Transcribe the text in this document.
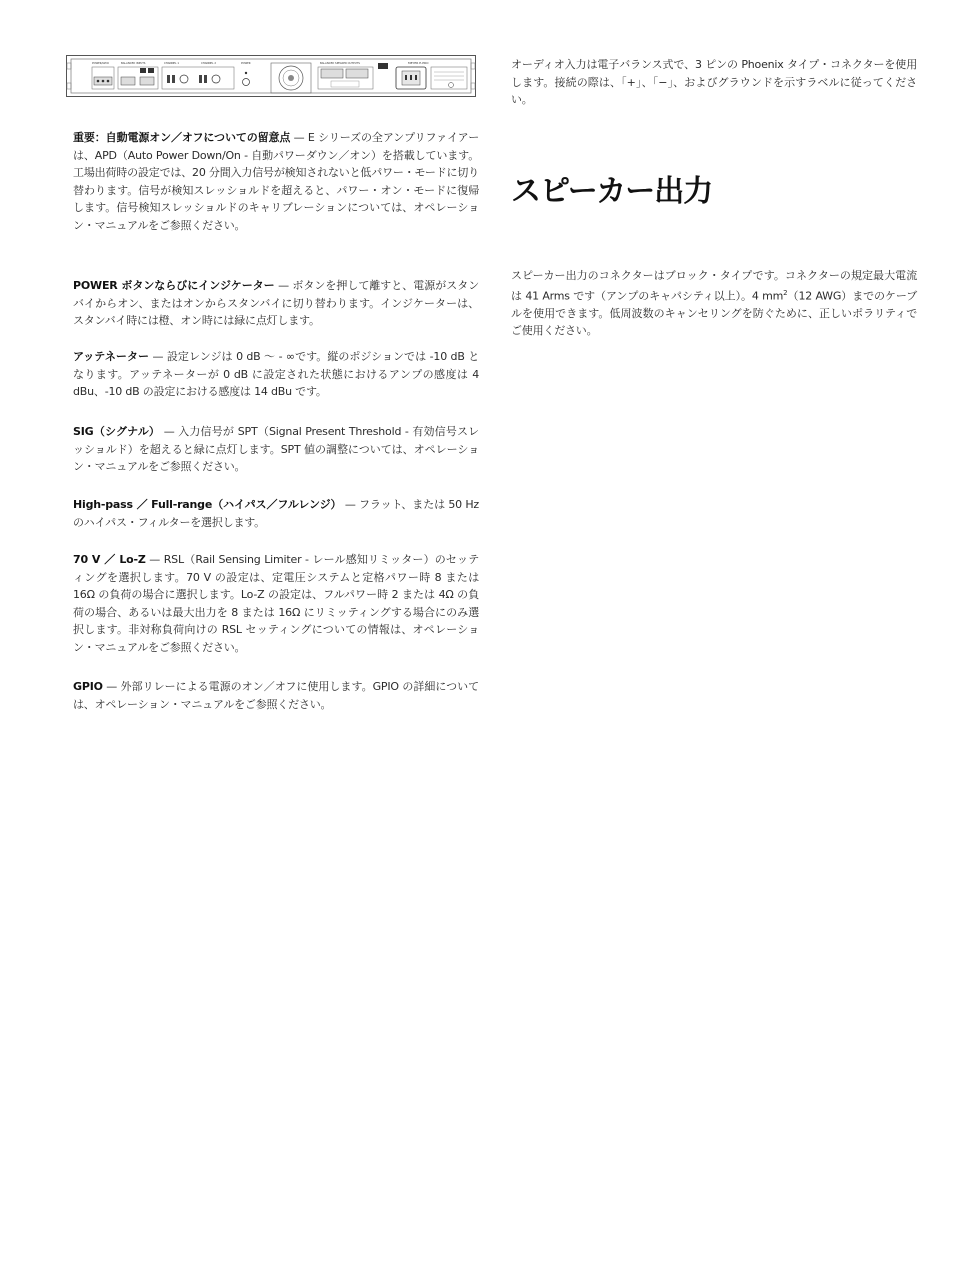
POWER/GPIO	BALANCED INPUTS	CHANNEL 1	CHANNEL 2	POWER	BALANCED SPEAKER OUTPUTS	MEYER E-PRO

重要：自動電源オン／オフについての留意点 — E シリーズの全アンプリファイアーは、APD（Auto Power Down/On - 自動パワーダウン／オン）を搭載しています。工場出荷時の設定では、20 分間入力信号が検知されないと低パワー・モードに切り替わります。信号が検知スレッショルドを超えると、パワー・オン・モードに復帰します。信号検知スレッショルドのキャリブレーションについては、オペレーション・マニュアルをご参照ください。

POWER ボタンならびにインジケーター — ボタンを押して離すと、電源がスタンバイからオン、またはオンからスタンバイに切り替わります。インジケーターは、スタンバイ時には橙、オン時には緑に点灯します。

アッテネーター — 設定レンジは 0 dB ～ - ∞です。縦のポジションでは -10 dB となります。アッテネーターが 0 dB に設定された状態におけるアンプの感度は 4 dBu、-10 dB の設定における感度は 14 dBu です。

SIG（シグナル） — 入力信号が SPT（Signal Present Threshold - 有効信号スレッショルド）を超えると緑に点灯します。SPT 値の調整については、オペレーション・マニュアルをご参照ください。

High-pass ／ Full-range（ハイパス／フルレンジ） — フラット、または 50 Hz のハイパス・フィルターを選択します。

70 V ／ Lo-Z — RSL（Rail Sensing Limiter - レール感知リミッター）のセッティングを選択します。70 V の設定は、定電圧システムと定格パワー時 8 または 16Ω の負荷の場合に選択します。Lo-Z の設定は、フルパワー時 2 または 4Ω の負荷の場合、あるいは最大出力を 8 または 16Ω にリミッティングする場合にのみ選択します。非対称負荷向けの RSL セッティングについての情報は、オペレーション・マニュアルをご参照ください。

GPIO — 外部リレーによる電源のオン／オフに使用します。GPIO の詳細については、オペレーション・マニュアルをご参照ください。

オーディオ入力は電子バランス式で、3 ピンの Phoenix タイプ・コネクターを使用します。接続の際は、「+」、「−」、およびグラウンドを示すラベルに従ってください。

スピーカー出力のコネクターはブロック・タイプです。コネクターの規定最大電流は 41 Arms です（アンプのキャパシティ以上）。4 $mm^2(12$ AWG）までのケーブルを使用できます。低周波数のキャンセリングを防ぐために、正しいポラリティでご使用ください。

スピーカー出力
